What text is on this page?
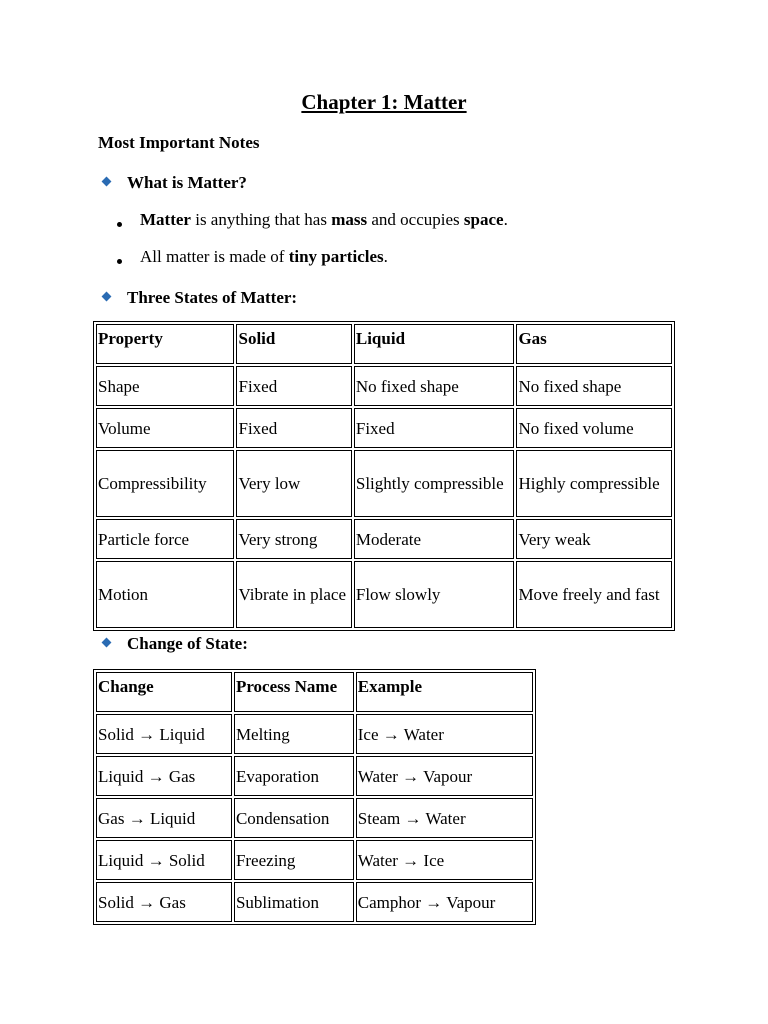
Chapter 1: Matter
Most Important Notes
What is Matter?
Matter is anything that has mass and occupies space.
All matter is made of tiny particles.
Three States of Matter:
Property	Solid	Liquid	Gas
Shape	Fixed	No fixed shape	No fixed shape
Volume	Fixed	Fixed	No fixed volume
Compressibility	Very low	Slightly compressible	Highly compressible
Particle force	Very strong	Moderate	Very weak
Motion	Vibrate in place	Flow slowly	Move freely and fast
Change of State:
Change	Process Name	Example
Solid → Liquid	Melting	Ice → Water
Liquid → Gas	Evaporation	Water → Vapour
Gas → Liquid	Condensation	Steam → Water
Liquid → Solid	Freezing	Water → Ice
Solid → Gas	Sublimation	Camphor → Vapour
